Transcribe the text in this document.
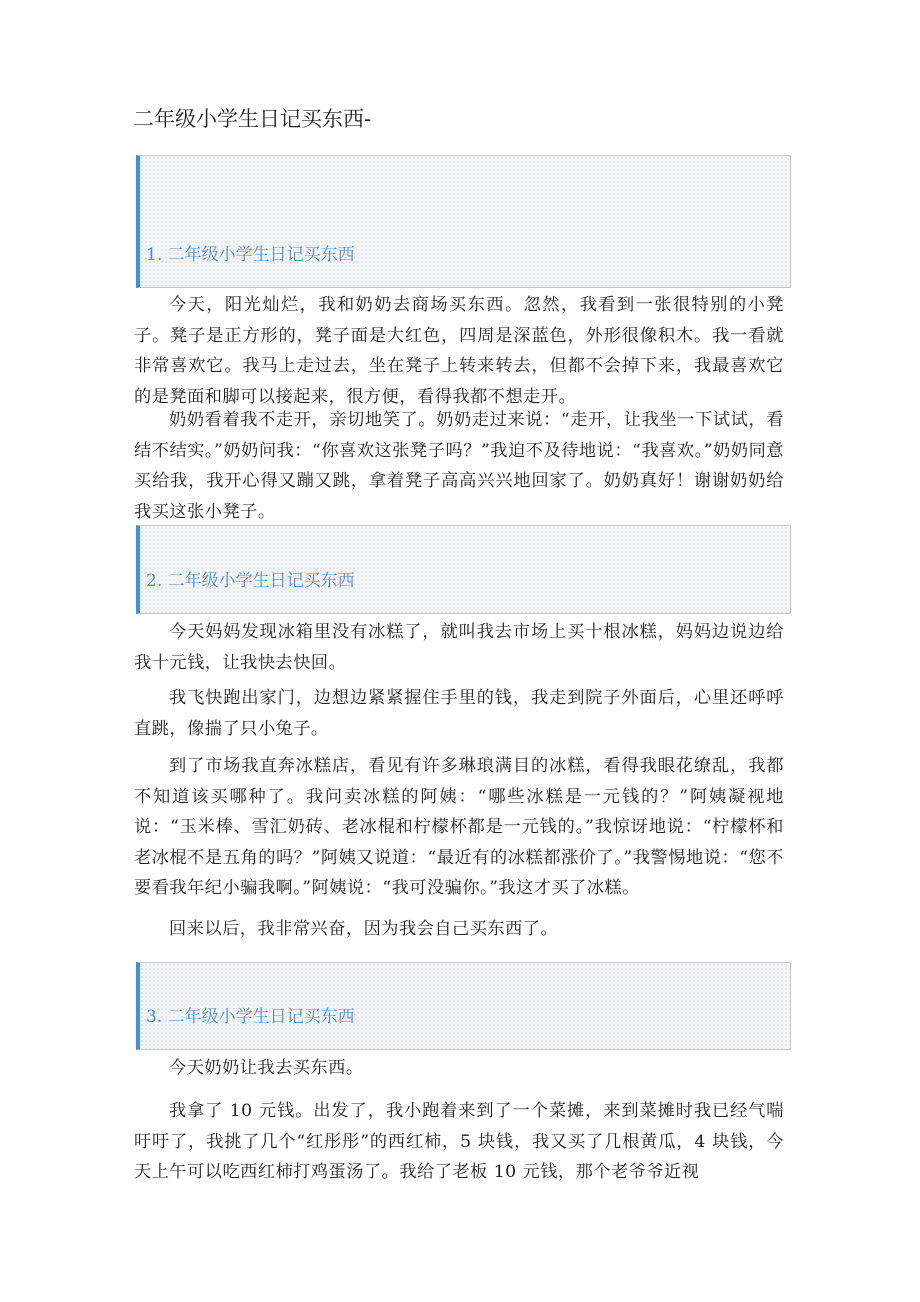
二年级小学生日记买东西-
1. 二年级小学生日记买东西

今天，阳光灿烂，我和奶奶去商场买东西。忽然，我看到一张很特别的小凳子。凳子是正方形的，凳子面是大红色，四周是深蓝色，外形很像积木。我一看就非常喜欢它。我马上走过去，坐在凳子上转来转去，但都不会掉下来，我最喜欢它的是凳面和脚可以接起来，很方便，看得我都不想走开。

奶奶看着我不走开，亲切地笑了。奶奶走过来说：“走开，让我坐一下试试，看结不结实。”奶奶问我：“你喜欢这张凳子吗？”我迫不及待地说：“我喜欢。”奶奶同意买给我，我开心得又蹦又跳，拿着凳子高高兴兴地回家了。奶奶真好！谢谢奶奶给我买这张小凳子。

2. 二年级小学生日记买东西

今天妈妈发现冰箱里没有冰糕了，就叫我去市场上买十根冰糕，妈妈边说边给我十元钱，让我快去快回。

我飞快跑出家门，边想边紧紧握住手里的钱，我走到院子外面后，心里还呼呼直跳，像揣了只小兔子。

到了市场我直奔冰糕店，看见有许多琳琅满目的冰糕，看得我眼花缭乱，我都不知道该买哪种了。我问卖冰糕的阿姨：“哪些冰糕是一元钱的？”阿姨凝视地说：“玉米棒、雪汇奶砖、老冰棍和柠檬杯都是一元钱的。”我惊讶地说：“柠檬杯和老冰棍不是五角的吗？”阿姨又说道：“最近有的冰糕都涨价了。”我警惕地说：“您不要看我年纪小骗我啊。”阿姨说：“我可没骗你。”我这才买了冰糕。

回来以后，我非常兴奋，因为我会自己买东西了。

3. 二年级小学生日记买东西

今天奶奶让我去买东西。

我拿了 10 元钱。出发了，我小跑着来到了一个菜摊，来到菜摊时我已经气喘吁吁了，我挑了几个“红彤彤”的西红柿，5 块钱，我又买了几根黄瓜，4 块钱，今天上午可以吃西红柿打鸡蛋汤了。我给了老板 10 元钱，那个老爷爷近视
